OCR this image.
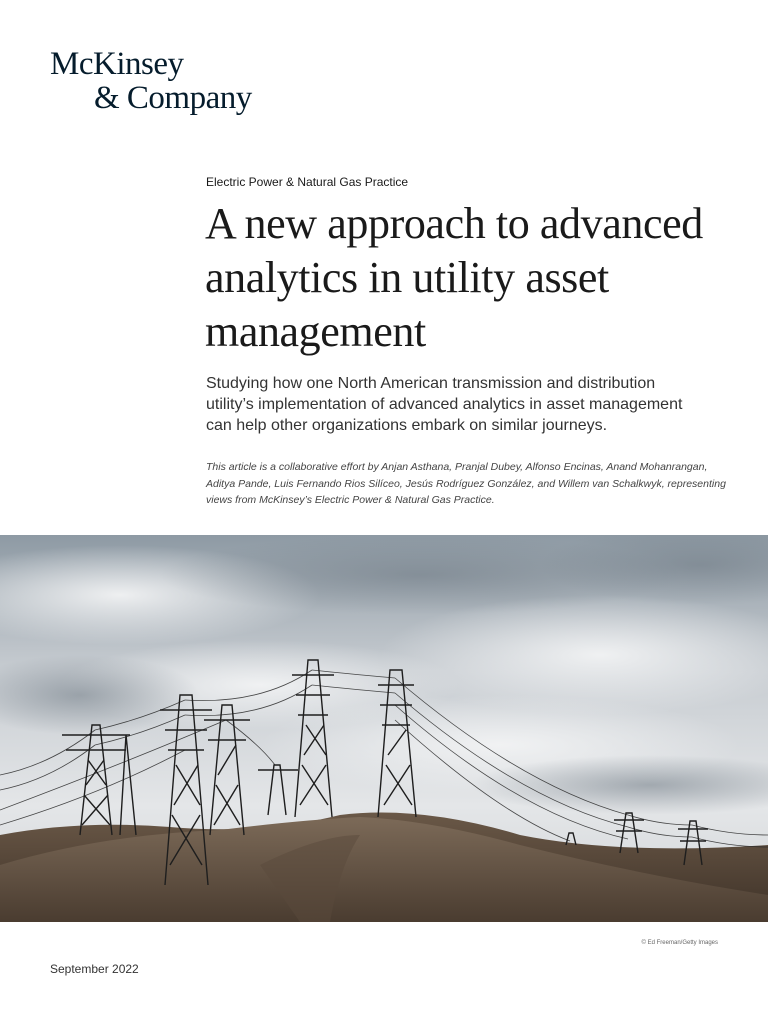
McKinsey
& Company
Electric Power & Natural Gas Practice
A new approach to advanced analytics in utility asset management

Studying how one North American transmission and distribution utility’s implementation of advanced analytics in asset management can help other organizations embark on similar journeys.

This article is a collaborative effort by Anjan Asthana, Pranjal Dubey, Alfonso Encinas, Anand Mohanrangan, Aditya Pande, Luis Fernando Rios Silíceo, Jesús Rodríguez González, and Willem van Schalkwyk, representing views from McKinsey’s Electric Power & Natural Gas Practice.

© Ed Freeman/Getty Images
September 2022
